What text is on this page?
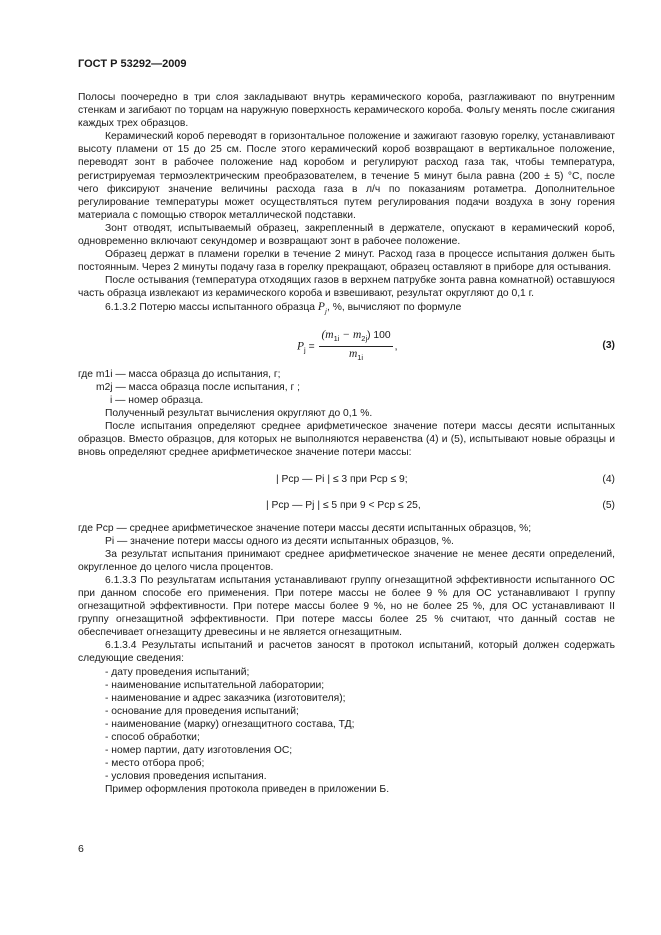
ГОСТ Р 53292—2009

Полосы поочередно в три слоя закладывают внутрь керамического короба, разглаживают по внутренним стенкам и загибают по торцам на наружную поверхность керамического короба. Фольгу менять после сжигания каждых трех образцов.

Керамический короб переводят в горизонтальное положение и зажигают газовую горелку, устанавливают высоту пламени от 15 до 25 см. После этого керамический короб возвращают в вертикальное положение, переводят зонт в рабочее положение над коробом и регулируют расход газа так, чтобы температура, регистрируемая термоэлектрическим преобразователем, в течение 5 минут была равна (200 ± 5) °С, после чего фиксируют значение величины расхода газа в л/ч по показаниям ротаметра. Дополнительное регулирование температуры может осуществляться путем регулирования подачи воздуха в зону горения материала с помощью створок металлической подставки.

Зонт отводят, испытываемый образец, закрепленный в держателе, опускают в керамический короб, одновременно включают секундомер и возвращают зонт в рабочее положение.

Образец держат в пламени горелки в течение 2 минут. Расход газа в процессе испытания должен быть постоянным. Через 2 минуты подачу газа в горелку прекращают, образец оставляют в приборе для остывания.

После остывания (температура отходящих газов в верхнем патрубке зонта равна комнатной) оставшуюся часть образца извлекают из керамического короба и взвешивают, результат округляют до 0,1 г.

6.1.3.2 Потерю массы испытанного образца $P_j$, %, вычисляют по формуле

$P_j = \frac{(m_{1i} - m_{2j}) 100}{m_{1i}}$ ,	(3)

где m1i — масса образца до испытания, г;

m2j — масса образца после испытания, г ;

i — номер образца.

Полученный результат вычисления округляют до 0,1 %.

После испытания определяют среднее арифметическое значение потери массы десяти испытанных образцов. Вместо образцов, для которых не выполняются неравенства (4) и (5), испытывают новые образцы и вновь определяют среднее арифметическое значение потери массы:

| Pср — Pi | ≤ 3 при Pср ≤ 9;	(4)
| Pср — Pj | ≤ 5 при 9 < Pср ≤ 25,	(5)

где Pср — среднее арифметическое значение потери массы десяти испытанных образцов, %;

Pi — значение потери массы одного из десяти испытанных образцов, %.

За результат испытания принимают среднее арифметическое значение не менее десяти определений, округленное до целого числа процентов.

6.1.3.3 По результатам испытания устанавливают группу огнезащитной эффективности испытанного ОС при данном способе его применения. При потере массы не более 9 % для ОС устанавливают I группу огнезащитной эффективности. При потере массы более 9 %, но не более 25 %, для ОС устанавливают II группу огнезащитной эффективности. При потере массы более 25 % считают, что данный состав не обеспечивает огнезащиту древесины и не является огнезащитным.

6.1.3.4 Результаты испытаний и расчетов заносят в протокол испытаний, который должен содержать следующие сведения:

- дату проведения испытаний;
- наименование испытательной лаборатории;
- наименование и адрес заказчика (изготовителя);
- основание для проведения испытаний;
- наименование (марку) огнезащитного состава, ТД;
- способ обработки;
- номер партии, дату изготовления ОС;
- место отбора проб;
- условия проведения испытания.

Пример оформления протокола приведен в приложении Б.

6
